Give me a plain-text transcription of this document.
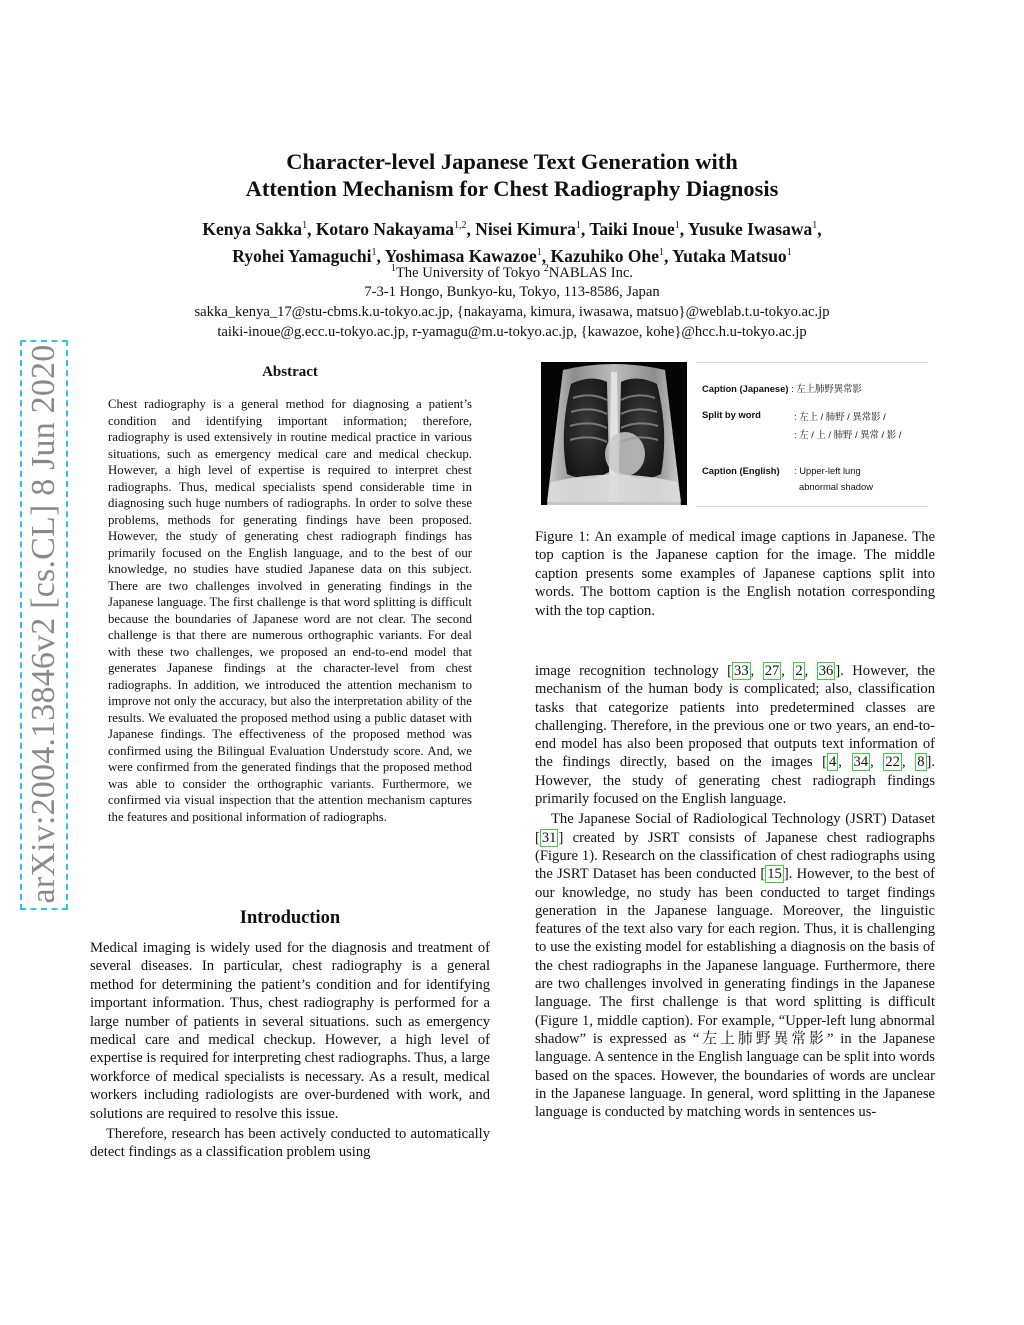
arXiv:2004.13846v2 [cs.CL] 8 Jun 2020
Character-level Japanese Text Generation with
Attention Mechanism for Chest Radiography Diagnosis
Kenya Sakka$^1$, Kotaro Nakayama$^{1,2}$, Nisei Kimura$^1$, Taiki Inoue$^1$, Yusuke Iwasawa$^1$,
Ryohei Yamaguchi$^1$, Yoshimasa Kawazoe$^1$, Kazuhiko Ohe$^1$, Yutaka Matsuo$^1$
$^1$The University of Tokyo $^2$NABLAS Inc.
7-3-1 Hongo, Bunkyo-ku, Tokyo, 113-8586, Japan
sakka_kenya_17@stu-cbms.k.u-tokyo.ac.jp, {nakayama, kimura, iwasawa, matsuo}@weblab.t.u-tokyo.ac.jp
taiki-inoue@g.ecc.u-tokyo.ac.jp, r-yamagu@m.u-tokyo.ac.jp, {kawazoe, kohe}@hcc.h.u-tokyo.ac.jp
Abstract
Chest radiography is a general method for diagnosing a patient’s condition and identifying important information; therefore, radiography is used extensively in routine medical practice in various situations, such as emergency medical care and medical checkup. However, a high level of expertise is required to interpret chest radiographs. Thus, medical specialists spend considerable time in diagnosing such huge numbers of radiographs. In order to solve these problems, methods for generating findings have been proposed. However, the study of generating chest radiograph findings has primarily focused on the English language, and to the best of our knowledge, no studies have studied Japanese data on this subject. There are two challenges involved in generating findings in the Japanese language. The first challenge is that word splitting is difficult because the boundaries of Japanese word are not clear. The second challenge is that there are numerous orthographic variants. For deal with these two challenges, we proposed an end-to-end model that generates Japanese findings at the character-level from chest radiographs. In addition, we introduced the attention mechanism to improve not only the accuracy, but also the interpretation ability of the results. We evaluated the proposed method using a public dataset with Japanese findings. The effectiveness of the proposed method was confirmed using the Bilingual Evaluation Understudy score. And, we were confirmed from the generated findings that the proposed method was able to consider the orthographic variants. Furthermore, we confirmed via visual inspection that the attention mechanism captures the features and positional information of radiographs.
Introduction

Medical imaging is widely used for the diagnosis and treatment of several diseases. In particular, chest radiography is a general method for determining the patient’s condition and for identifying important information. Thus, chest radiography is performed for a large number of patients in several situations. such as emergency medical care and medical checkup. However, a high level of expertise is required for interpreting chest radiographs. Thus, a large workforce of medical specialists is necessary. As a result, medical workers including radiologists are over-burdened with work, and solutions are required to resolve this issue.

Therefore, research has been actively conducted to automatically detect findings as a classification problem using

Caption (Japanese) : 左上肺野異常影
Split by word	: 左上 / 肺野 / 異常影 /
: 左 / 上 / 肺野 / 異常 / 影 /
Caption (English) : Upper-left lung
abnormal shadow
Figure 1: An example of medical image captions in Japanese. The top caption is the Japanese caption for the image. The middle caption presents some examples of Japanese captions split into words. The bottom caption is the English notation corresponding with the top caption.

image recognition technology [ 33 , 27 , 2 , 36 ]. However, the mechanism of the human body is complicated; also, classification tasks that categorize patients into predetermined classes are challenging. Therefore, in the previous one or two years, an end-to-end model has also been proposed that outputs text information of the findings directly, based on the images [ 4 , 34 , 22 , 8 ]. However, the study of generating chest radiograph findings primarily focused on the English language.

The Japanese Social of Radiological Technology (JSRT) Dataset [ 31 ] created by JSRT consists of Japanese chest radiographs (Figure 1). Research on the classification of chest radiographs using the JSRT Dataset has been conducted [ 15 ]. However, to the best of our knowledge, no study has been conducted to target findings generation in the Japanese language. Moreover, the linguistic features of the text also vary for each region. Thus, it is challenging to use the existing model for establishing a diagnosis on the basis of the chest radiographs in the Japanese language. Furthermore, there are two challenges involved in generating findings in the Japanese language. The first challenge is that word splitting is difficult (Figure 1, middle caption). For example, “Upper-left lung abnormal shadow” is expressed as “左上肺野異常影” in the Japanese language. A sentence in the English language can be split into words based on the spaces. However, the boundaries of words are unclear in the Japanese language. In general, word splitting in the Japanese language is conducted by matching words in sentences us-
